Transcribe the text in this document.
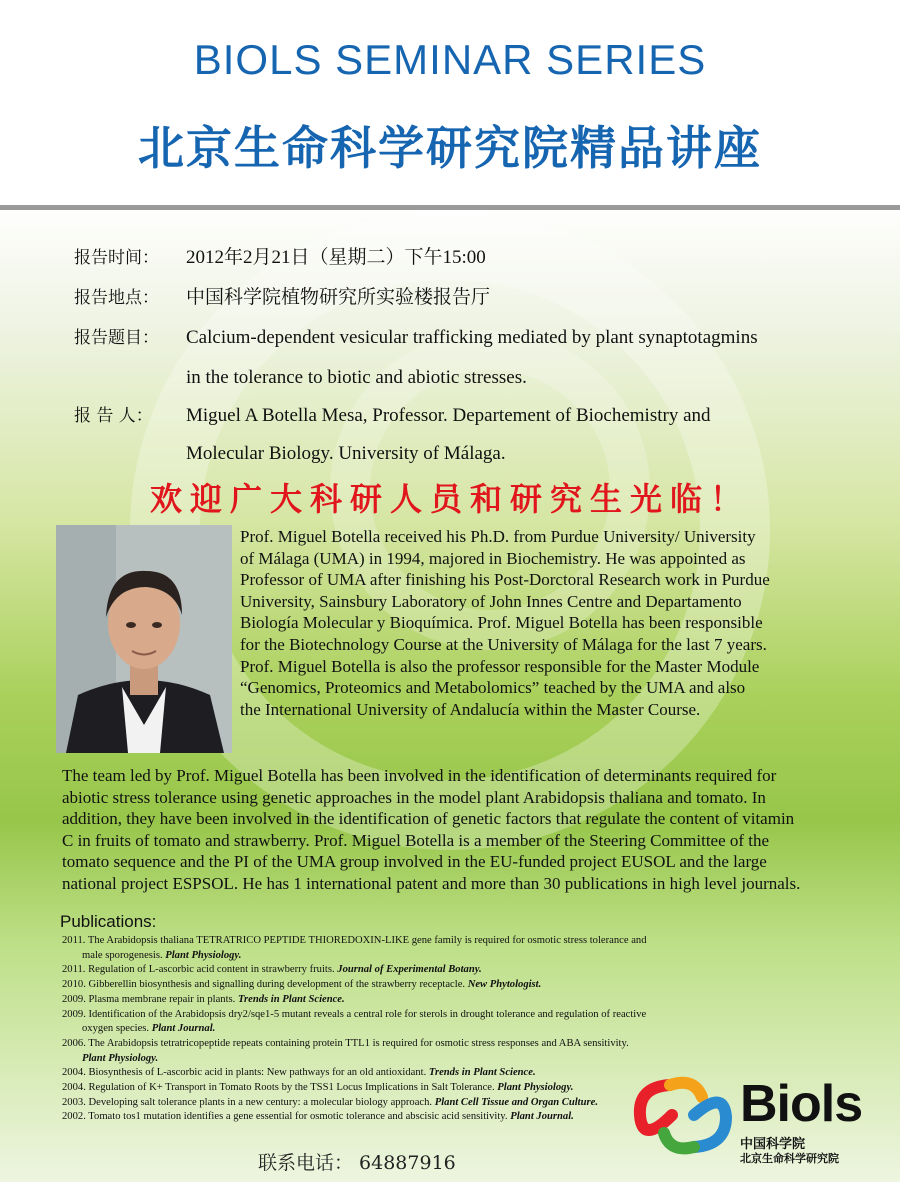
BIOLS SEMINAR SERIES
北京生命科学研究院精品讲座
报告时间： 2012年2月21日（星期二）下午15:00
报告地点： 中国科学院植物研究所实验楼报告厅
报告题目： Calcium-dependent vesicular trafficking mediated by plant synaptotagmins
in the tolerance to biotic and abiotic stresses.
报 告 人： Miguel A Botella Mesa, Professor. Departement of Biochemistry and
Molecular Biology. University of Málaga.
欢迎广大科研人员和研究生光临！
Prof. Miguel Botella received his Ph.D. from Purdue University/ University
of Málaga (UMA) in 1994, majored in Biochemistry. He was appointed as
Professor of UMA after finishing his Post-Dorctoral Research work in Purdue
University, Sainsbury Laboratory of John Innes Centre and Departamento
Biología Molecular y Bioquímica. Prof. Miguel Botella has been responsible
for the Biotechnology Course at the University of Málaga for the last 7 years.
Prof. Miguel Botella is also the professor responsible for the Master Module
“Genomics, Proteomics and Metabolomics” teached by the UMA and also
the International University of Andalucía within the Master Course.
The team led by Prof. Miguel Botella has been involved in the identification of determinants required for
abiotic stress tolerance using genetic approaches in the model plant Arabidopsis thaliana and tomato. In
addition, they have been involved in the identification of genetic factors that regulate the content of vitamin
C in fruits of tomato and strawberry. Prof. Miguel Botella is a member of the Steering Committee of the
tomato sequence and the PI of the UMA group involved in the EU-funded project EUSOL and the large
national project ESPSOL. He has 1 international patent and more than 30 publications in high level journals.
Publications:
2011. The Arabidopsis thaliana TETRATRICO PEPTIDE THIOREDOXIN-LIKE gene family is required for osmotic stress tolerance and
male sporogenesis. Plant Physiology.
2011. Regulation of L-ascorbic acid content in strawberry fruits. Journal of Experimental Botany.
2010. Gibberellin biosynthesis and signalling during development of the strawberry receptacle. New Phytologist.
2009. Plasma membrane repair in plants. Trends in Plant Science.
2009. Identification of the Arabidopsis dry2/sqe1-5 mutant reveals a central role for sterols in drought tolerance and regulation of reactive
oxygen species. Plant Journal.
2006. The Arabidopsis tetratricopeptide repeats containing protein TTL1 is required for osmotic stress responses and ABA sensitivity.
Plant Physiology.
2004. Biosynthesis of L-ascorbic acid in plants: New pathways for an old antioxidant. Trends in Plant Science.
2004. Regulation of K+ Transport in Tomato Roots by the TSS1 Locus Implications in Salt Tolerance. Plant Physiology.
2003. Developing salt tolerance plants in a new century: a molecular biology approach. Plant Cell Tissue and Organ Culture.
2002. Tomato tos1 mutation identifies a gene essential for osmotic tolerance and abscisic acid sensitivity. Plant Journal.
联系电话： 64887916
Biols
中国科学院
北京生命科学研究院
